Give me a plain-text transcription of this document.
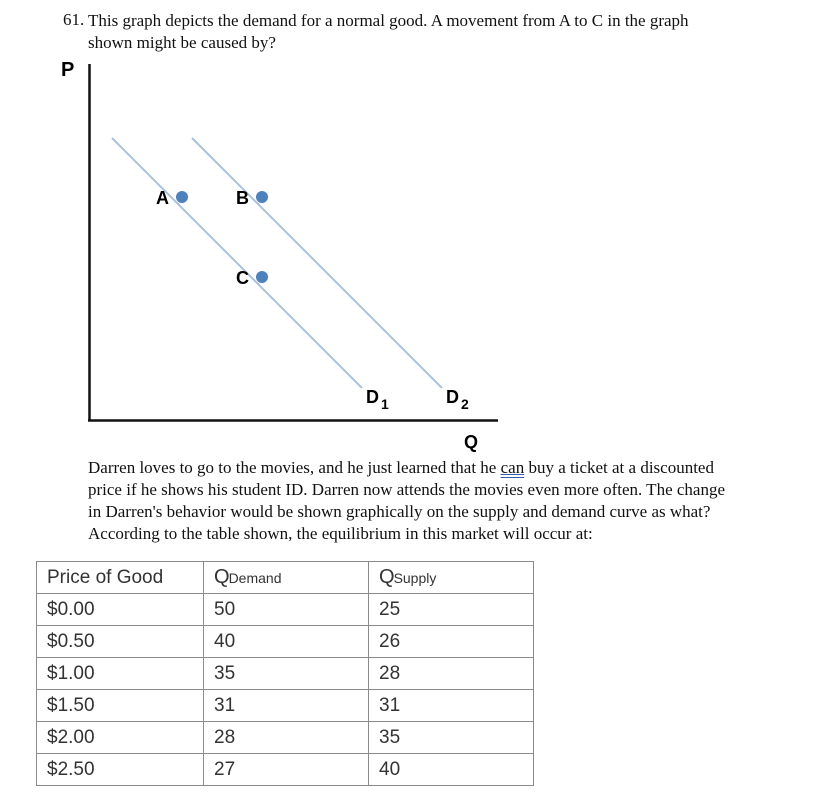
61. This graph depicts the demand for a normal good. A movement from A to C in the graph
shown might be caused by?
P
Q
D $_1$	D $_2$
A	B
C
Darren loves to go to the movies, and he just learned that he can buy a ticket at a discounted
price if he shows his student ID. Darren now attends the movies even more often. The change
in Darren's behavior would be shown graphically on the supply and demand curve as what?
According to the table shown, the equilibrium in this market will occur at:
Price of Good	QDemand	QSupply
$0.00	50	25
$0.50	40	26
$1.00	35	28
$1.50	31	31
$2.00	28	35
$2.50	27	40
